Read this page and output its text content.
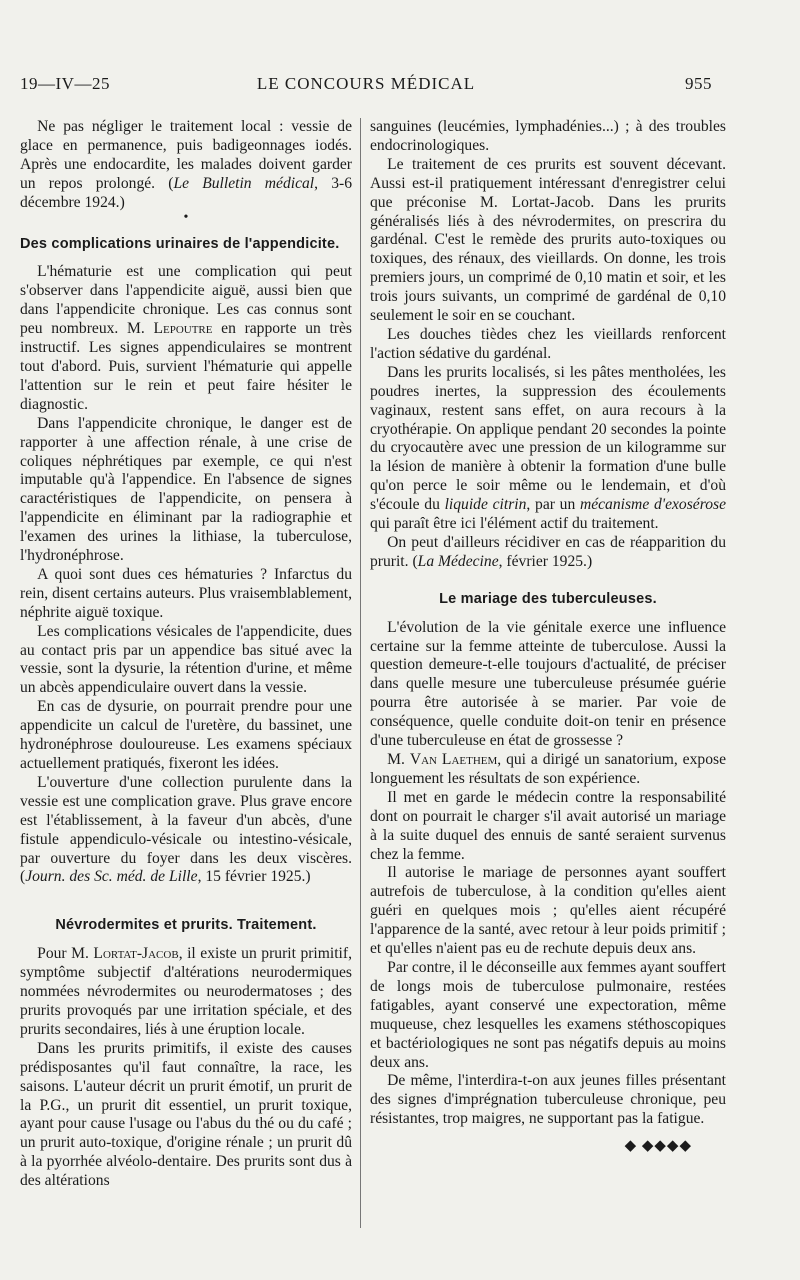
19—IV—25	LE CONCOURS MÉDICAL	955

Ne pas négliger le traitement local : vessie de glace en permanence, puis badigeonnages iodés. Après une endocardite, les malades doivent garder un repos prolongé. (Le Bulletin médical, 3-6 décembre 1924.)

•
Des complications urinaires de l'appendicite.

L'hématurie est une complication qui peut s'observer dans l'appendicite aiguë, aussi bien que dans l'appendicite chronique. Les cas connus sont peu nombreux. M. Lepoutre en rapporte un très instructif. Les signes appendiculaires se montrent tout d'abord. Puis, survient l'hématurie qui appelle l'attention sur le rein et peut faire hésiter le diagnostic.

Dans l'appendicite chronique, le danger est de rapporter à une affection rénale, à une crise de coliques néphrétiques par exemple, ce qui n'est imputable qu'à l'appendice. En l'absence de signes caractéristiques de l'appendicite, on pensera à l'appendicite en éliminant par la radiographie et l'examen des urines la lithiase, la tuberculose, l'hydronéphrose.

A quoi sont dues ces hématuries ? Infarctus du rein, disent certains auteurs. Plus vraisemblablement, néphrite aiguë toxique.

Les complications vésicales de l'appendicite, dues au contact pris par un appendice bas situé avec la vessie, sont la dysurie, la rétention d'urine, et même un abcès appendiculaire ouvert dans la vessie.

En cas de dysurie, on pourrait prendre pour une appendicite un calcul de l'uretère, du bassinet, une hydronéphrose douloureuse. Les examens spéciaux actuellement pratiqués, fixeront les idées.

L'ouverture d'une collection purulente dans la vessie est une complication grave. Plus grave encore est l'établissement, à la faveur d'un abcès, d'une fistule appendiculo-vésicale ou intestino-vésicale, par ouverture du foyer dans les deux viscères. (Journ. des Sc. méd. de Lille, 15 février 1925.)

Névrodermites et prurits. Traitement.

Pour M. Lortat-Jacob, il existe un prurit primitif, symptôme subjectif d'altérations neurodermiques nommées névrodermites ou neurodermatoses ; des prurits provoqués par une irritation spéciale, et des prurits secondaires, liés à une éruption locale.

Dans les prurits primitifs, il existe des causes prédisposantes qu'il faut connaître, la race, les saisons. L'auteur décrit un prurit émotif, un prurit de la P.G., un prurit dit essentiel, un prurit toxique, ayant pour cause l'usage ou l'abus du thé ou du café ; un prurit auto-toxique, d'origine rénale ; un prurit dû à la pyorrhée alvéolo-dentaire. Des prurits sont dus à des altérations

sanguines (leucémies, lymphadénies...) ; à des troubles endocrinologiques.

Le traitement de ces prurits est souvent décevant. Aussi est-il pratiquement intéressant d'enregistrer celui que préconise M. Lortat-Jacob. Dans les prurits généralisés liés à des névrodermites, on prescrira du gardénal. C'est le remède des prurits auto-toxiques ou toxiques, des rénaux, des vieillards. On donne, les trois premiers jours, un comprimé de 0,10 matin et soir, et les trois jours suivants, un comprimé de gardénal de 0,10 seulement le soir en se couchant.

Les douches tièdes chez les vieillards renforcent l'action sédative du gardénal.

Dans les prurits localisés, si les pâtes mentholées, les poudres inertes, la suppression des écoulements vaginaux, restent sans effet, on aura recours à la cryothérapie. On applique pendant 20 secondes la pointe du cryocautère avec une pression de un kilogramme sur la lésion de manière à obtenir la formation d'une bulle qu'on perce le soir même ou le lendemain, et d'où s'écoule du liquide citrin, par un mécanisme d'exosérose qui paraît être ici l'élément actif du traitement.

On peut d'ailleurs récidiver en cas de réapparition du prurit. (La Médecine, février 1925.)

Le mariage des tuberculeuses.

L'évolution de la vie génitale exerce une influence certaine sur la femme atteinte de tuberculose. Aussi la question demeure-t-elle toujours d'actualité, de préciser dans quelle mesure une tuberculeuse présumée guérie pourra être autorisée à se marier. Par voie de conséquence, quelle conduite doit-on tenir en présence d'une tuberculeuse en état de grossesse ?

M. Van Laethem, qui a dirigé un sanatorium, expose longuement les résultats de son expérience.

Il met en garde le médecin contre la responsabilité dont on pourrait le charger s'il avait autorisé un mariage à la suite duquel des ennuis de santé seraient survenus chez la femme.

Il autorise le mariage de personnes ayant souffert autrefois de tuberculose, à la condition qu'elles aient guéri en quelques mois ; qu'elles aient récupéré l'apparence de la santé, avec retour à leur poids primitif ; et qu'elles n'aient pas eu de rechute depuis deux ans.

Par contre, il le déconseille aux femmes ayant souffert de longs mois de tuberculose pulmonaire, restées fatigables, ayant conservé une expectoration, même muqueuse, chez lesquelles les examens stéthoscopiques et bactériologiques ne sont pas négatifs depuis au moins deux ans.

De même, l'interdira-t-on aux jeunes filles présentant des signes d'imprégnation tuberculeuse chronique, peu résistantes, trop maigres, ne supportant pas la fatigue.

◆ ◆◆◆◆
